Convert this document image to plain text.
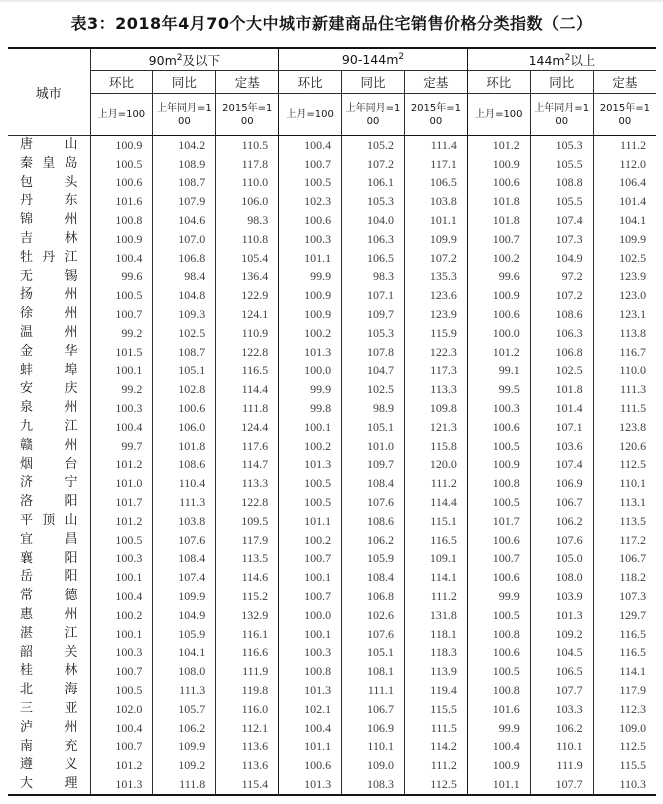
表3：2018年4月70个大中城市新建商品住宅销售价格分类指数（二）
城市	$90m^2$及以下			$90-144m^2$			$144m^2$以上		
	环比	同比	定基	环比	同比	定基	环比	同比	定基
	上月=100	上年同月=100	2015年=100	上月=100	上年同月=100	2015年=100	上月=100	上年同月=100	2015年=100

唐山	100.9	104.2	110.5	100.4	105.2	111.4	101.2	105.3	111.2

秦皇岛	100.5	108.9	117.8	100.7	107.2	117.1	100.9	105.5	112.0

包头	100.6	108.7	110.0	100.5	106.1	106.5	100.6	108.8	106.4

丹东	101.6	107.9	106.0	102.3	105.3	103.8	101.8	105.5	101.4

锦州	100.8	104.6	98.3	100.6	104.0	101.1	101.8	107.4	104.1

吉林	100.9	107.0	110.8	100.3	106.3	109.9	100.7	107.3	109.9

牡丹江	100.4	106.8	105.4	101.1	106.5	107.2	100.2	104.9	102.5

无锡	99.6	98.4	136.4	99.9	98.3	135.3	99.6	97.2	123.9

扬州	100.5	104.8	122.9	100.9	107.1	123.6	100.9	107.2	123.0

徐州	100.7	109.3	124.1	100.9	109.7	123.9	100.6	108.6	123.1

温州	99.2	102.5	110.9	100.2	105.3	115.9	100.0	106.3	113.8

金华	101.5	108.7	122.8	101.3	107.8	122.3	101.2	106.8	116.7

蚌埠	100.1	105.1	116.5	100.0	104.7	117.3	99.1	102.5	110.0

安庆	99.2	102.8	114.4	99.9	102.5	113.3	99.5	101.8	111.3

泉州	100.3	100.6	111.8	99.8	98.9	109.8	100.3	101.4	111.5

九江	100.4	106.0	124.4	100.1	105.1	121.3	100.6	107.1	123.8

赣州	99.7	101.8	117.6	100.2	101.0	115.8	100.5	103.6	120.6

烟台	101.2	108.6	114.7	101.3	109.7	120.0	100.9	107.4	112.5

济宁	101.0	110.4	113.3	100.5	108.4	111.2	100.8	106.9	110.1

洛阳	101.7	111.3	122.8	100.5	107.6	114.4	100.5	106.7	113.1

平顶山	101.2	103.8	109.5	101.1	108.6	115.1	101.7	106.2	113.5

宜昌	100.5	107.6	117.9	100.2	106.2	116.5	100.6	107.6	117.2

襄阳	100.3	108.4	113.5	100.7	105.9	109.1	100.7	105.0	106.7

岳阳	100.1	107.4	114.6	100.1	108.4	114.1	100.6	108.0	118.2

常德	100.4	109.9	115.2	100.7	106.8	111.2	99.9	103.9	107.3

惠州	100.2	104.9	132.9	100.0	102.6	131.8	100.5	101.3	129.7

湛江	100.1	105.9	116.1	100.1	107.6	118.1	100.8	109.2	116.5

韶关	100.3	104.1	116.6	100.3	105.1	118.3	100.6	104.5	116.5

桂林	100.7	108.0	111.9	100.8	108.1	113.9	100.5	106.5	114.1

北海	100.5	111.3	119.8	101.3	111.1	119.4	100.8	107.7	117.9

三亚	102.0	105.7	116.0	102.1	106.7	115.5	101.6	103.3	112.3

泸州	100.4	106.2	112.1	100.4	106.9	111.5	99.9	106.2	109.0

南充	100.7	109.9	113.6	101.1	110.1	114.2	100.4	110.1	112.5

遵义	101.2	109.2	113.6	100.6	109.0	111.2	100.9	111.9	115.5

大理	101.3	111.8	115.4	101.3	108.3	112.5	101.1	107.7	110.3
